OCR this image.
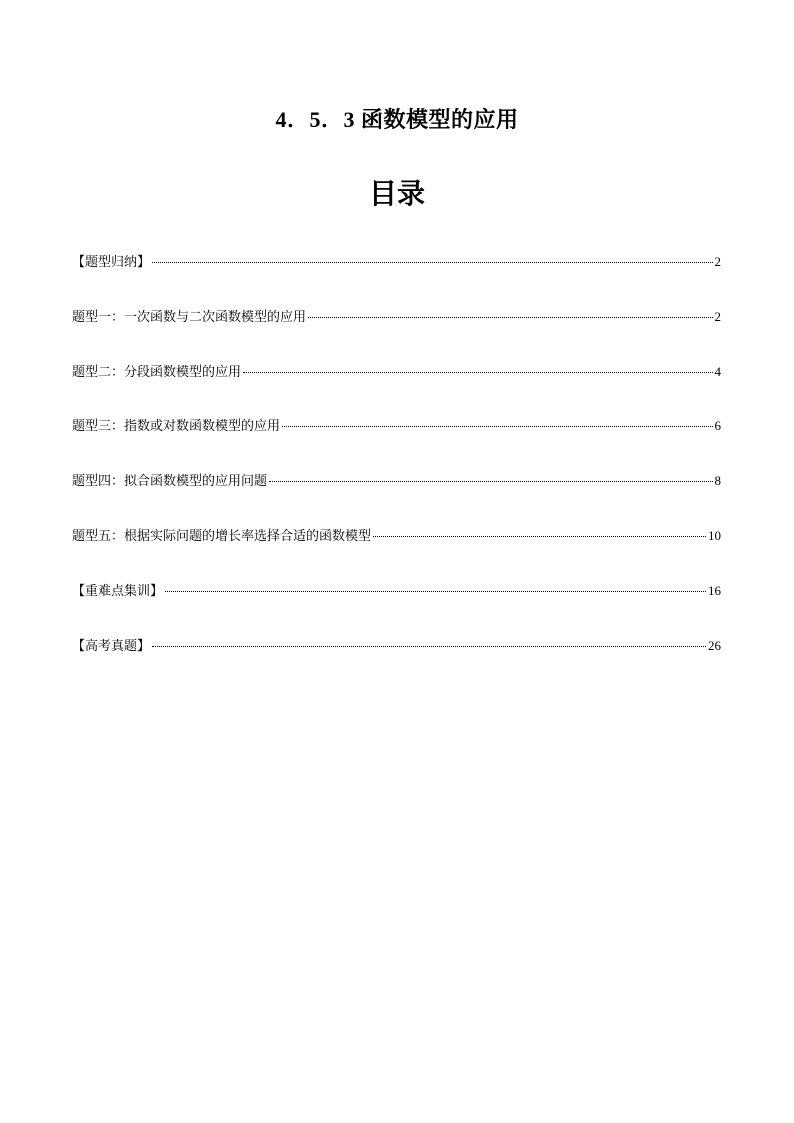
4．5．3 函数模型的应用
目录
【题型归纳】	2
题型一：一次函数与二次函数模型的应用	2
题型二：分段函数模型的应用	4
题型三：指数或对数函数模型的应用	6
题型四：拟合函数模型的应用问题	8
题型五：根据实际问题的增长率选择合适的函数模型	10
【重难点集训】	16
【高考真题】	26
